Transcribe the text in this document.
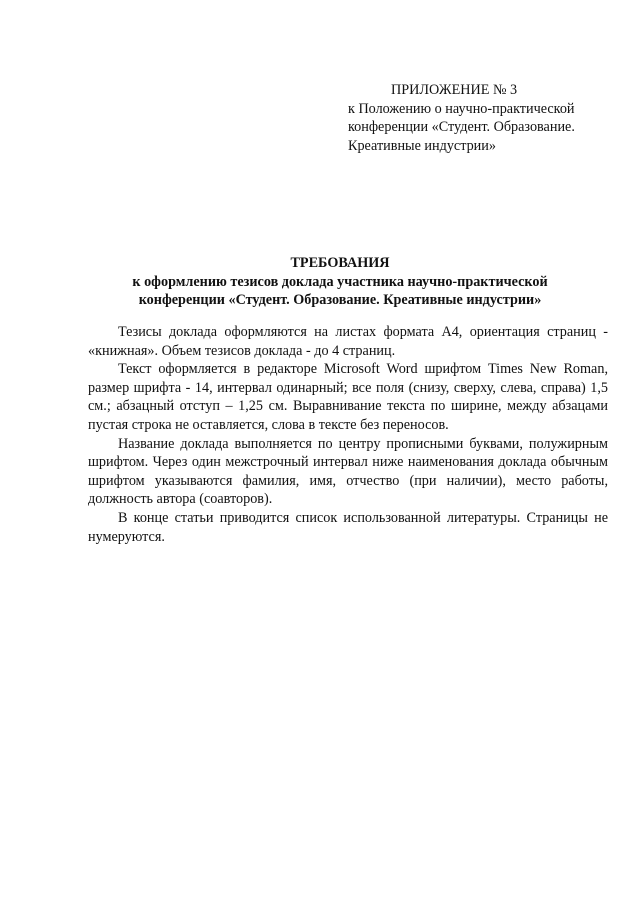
ПРИЛОЖЕНИЕ № 3
к Положению о научно-практической
конференции «Студент. Образование.
Креативные индустрии»
ТРЕБОВАНИЯ
к оформлению тезисов доклада участника научно-практической
конференции «Студент. Образование. Креативные индустрии»

Тезисы доклада оформляются на листах формата А4, ориентация страниц - «книжная». Объем тезисов доклада - до 4 страниц.

Текст оформляется в редакторе Microsoft Word шрифтом Times New Roman, размер шрифта - 14, интервал одинарный; все поля (снизу, сверху, слева, справа) 1,5 см.; абзацный отступ – 1,25 см. Выравнивание текста по ширине, между абзацами пустая строка не оставляется, слова в тексте без переносов.

Название доклада выполняется по центру прописными буквами, полужирным шрифтом. Через один межстрочный интервал ниже наименования доклада обычным шрифтом указываются фамилия, имя, отчество (при наличии), место работы, должность автора (соавторов).

В конце статьи приводится список использованной литературы. Страницы не нумеруются.
